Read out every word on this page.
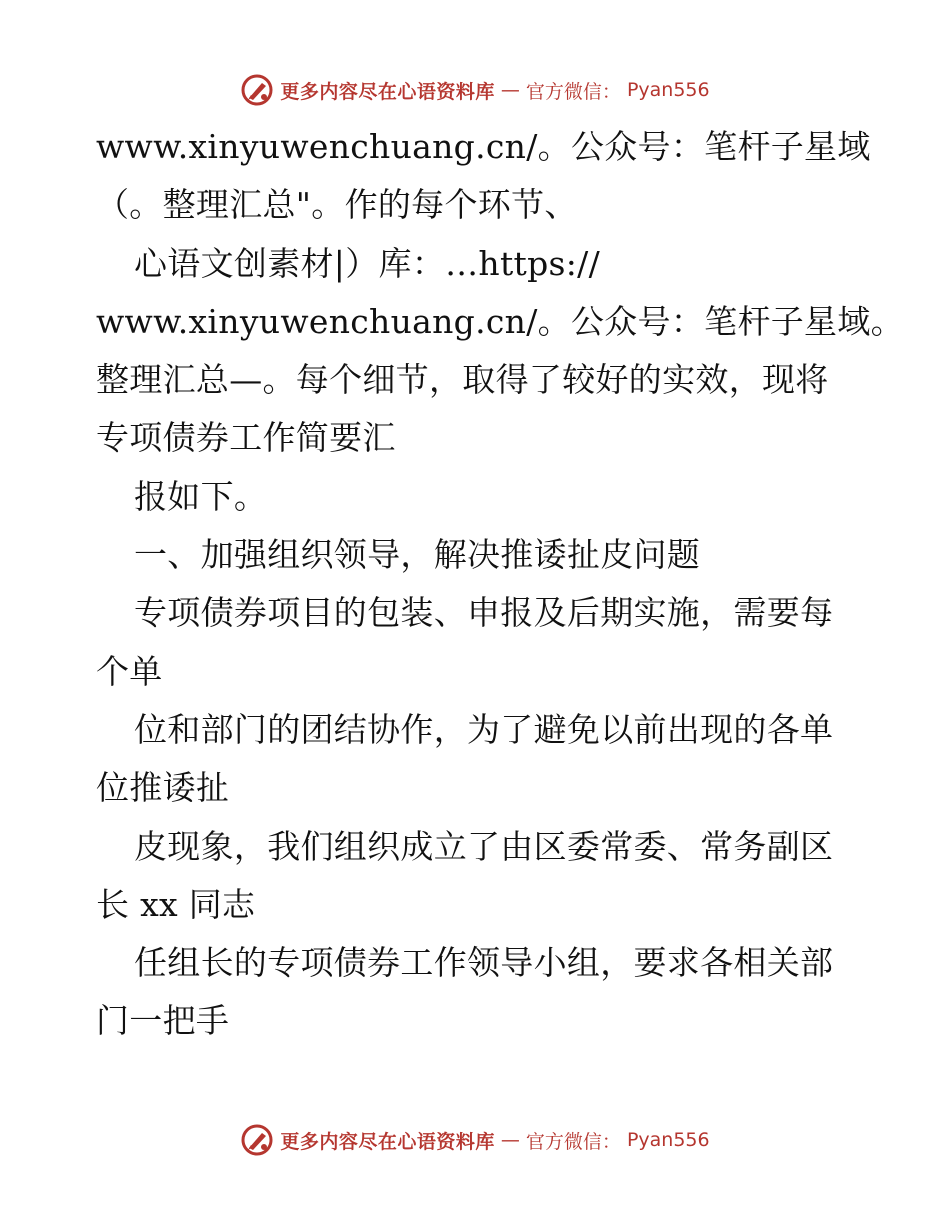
更多内容尽在心语资料库 — 官方微信： Pyan556
www.xinyuwenchuang.cn/。公众号：笔杆子星域
（。整理汇总"。作的每个环节、
心语文创素材|）库：…https://
www.xinyuwenchuang.cn/。公众号：笔杆子星域。
整理汇总—。每个细节，取得了较好的实效，现将
专项债券工作简要汇
报如下。
一、加强组织领导，解决推诿扯皮问题
专项债券项目的包装、申报及后期实施，需要每
个单
位和部门的团结协作，为了避免以前出现的各单
位推诿扯
皮现象，我们组织成立了由区委常委、常务副区
长 xx 同志
任组长的专项债券工作领导小组，要求各相关部
门一把手
更多内容尽在心语资料库 — 官方微信： Pyan556
